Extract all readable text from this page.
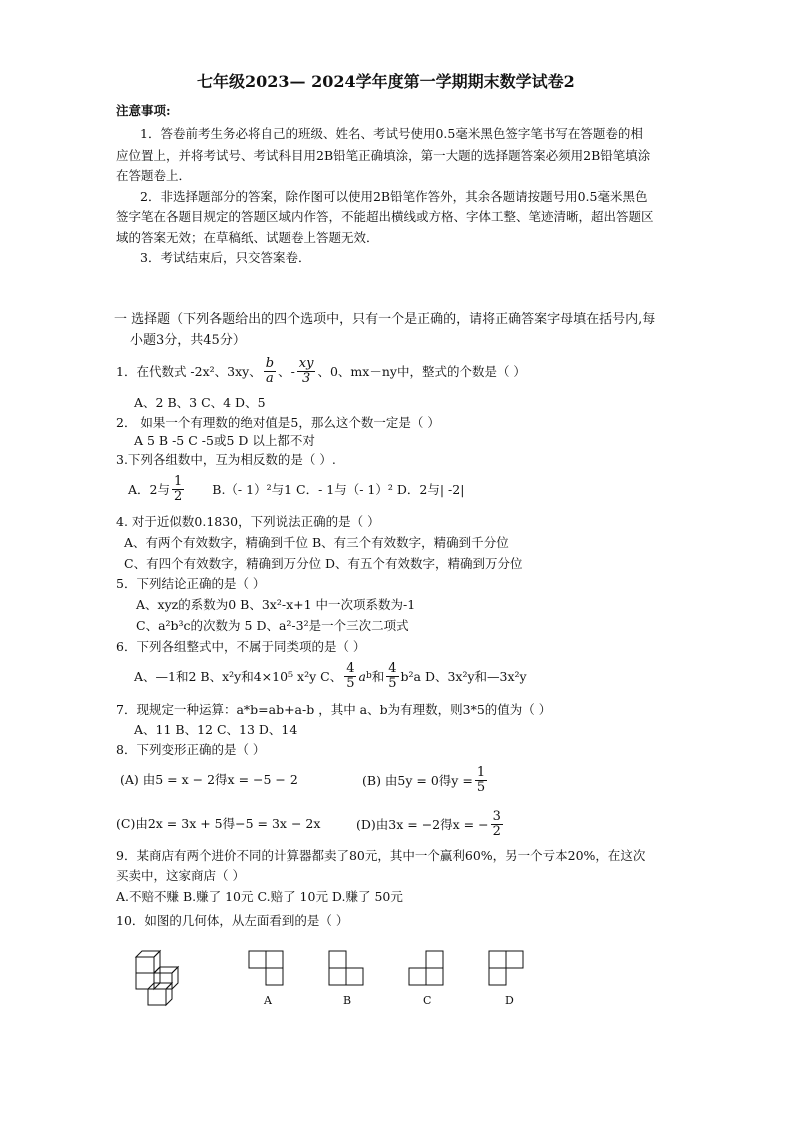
七年级2023— 2024学年度第一学期期末数学试卷2
注意事项:
1．答卷前考生务必将自己的班级、姓名、考试号使用0.5毫米黑色签字笔书写在答题卷的相
应位置上，并将考试号、考试科目用2B铅笔正确填涂，第一大题的选择题答案必须用2B铅笔填涂
在答题卷上．
2．非选择题部分的答案，除作图可以使用2B铅笔作答外，其余各题请按题号用0.5毫米黑色
签字笔在各题目规定的答题区域内作答，不能超出横线或方格、字体工整、笔迹清晰，超出答题区
域的答案无效；在草稿纸、试题卷上答题无效．
3．考试结束后，只交答案卷．
一 选择题（下列各题给出的四个选项中，只有一个是正确的，请将正确答案字母填在括号内,每
小题3分，共45分）
1．在代数式 -2x²、3xy、 $\frac{b}{a}$ 、- $\frac{xy}{3}$ 、0、mx－ny中，整式的个数是（ ）
A、2 B、3 C、4 D、5
2． 如果一个有理数的绝对值是5，那么这个数一定是（ ）
A 5 B -5 C -5或5 D 以上都不对
3.下列各组数中，互为相反数的是（ ）.
A．2与 $\frac{1}{2} B.(-$ 1）²与1 C．- 1与（- 1）² D．2与| -2|
4. 对于近似数0.1830，下列说法正确的是（ ）
A、有两个有效数字，精确到千位 B、有三个有效数字，精确到千分位
C、有四个有效数字，精确到万分位 D、有五个有效数字，精确到万分位
5．下列结论正确的是（ ）
A、xyz的系数为0 B、3x²-x+1 中一次项系数为-1
C、a²b³c的次数为 5 D、a²-3²是一个三次二项式
6．下列各组整式中，不属于同类项的是（ ）
A、—1和2 B、x²y和4×10⁵ x²y C、 $\frac{4}{5}$ a b 和 $\frac{4}{5} b^2a$ D、3x²y和—3x²y
7．现规定一种运算：a*b=ab+a-b ，其中 a、b为有理数，则3*5的值为（ ）
A、11 B、12 C、13 D、14
8．下列变形正确的是（ ）
(A) 由5 = x − 2得x = −5 − 2	(B) 由5y = 0得$y = \frac{1}{5}$
(C)由2x = 3x + 5得−5 = 3x − 2x	(D)由3x = −2得x = − $\frac{3}{2}$
9．某商店有两个进价不同的计算器都卖了80元，其中一个赢利60%，另一个亏本20%，在这次
买卖中，这家商店（ ）
A.不赔不赚 B.赚了 10元 C.赔了 10元 D.赚了 50元
10．如图的几何体，从左面看到的是（ ）
A	B	C	D
